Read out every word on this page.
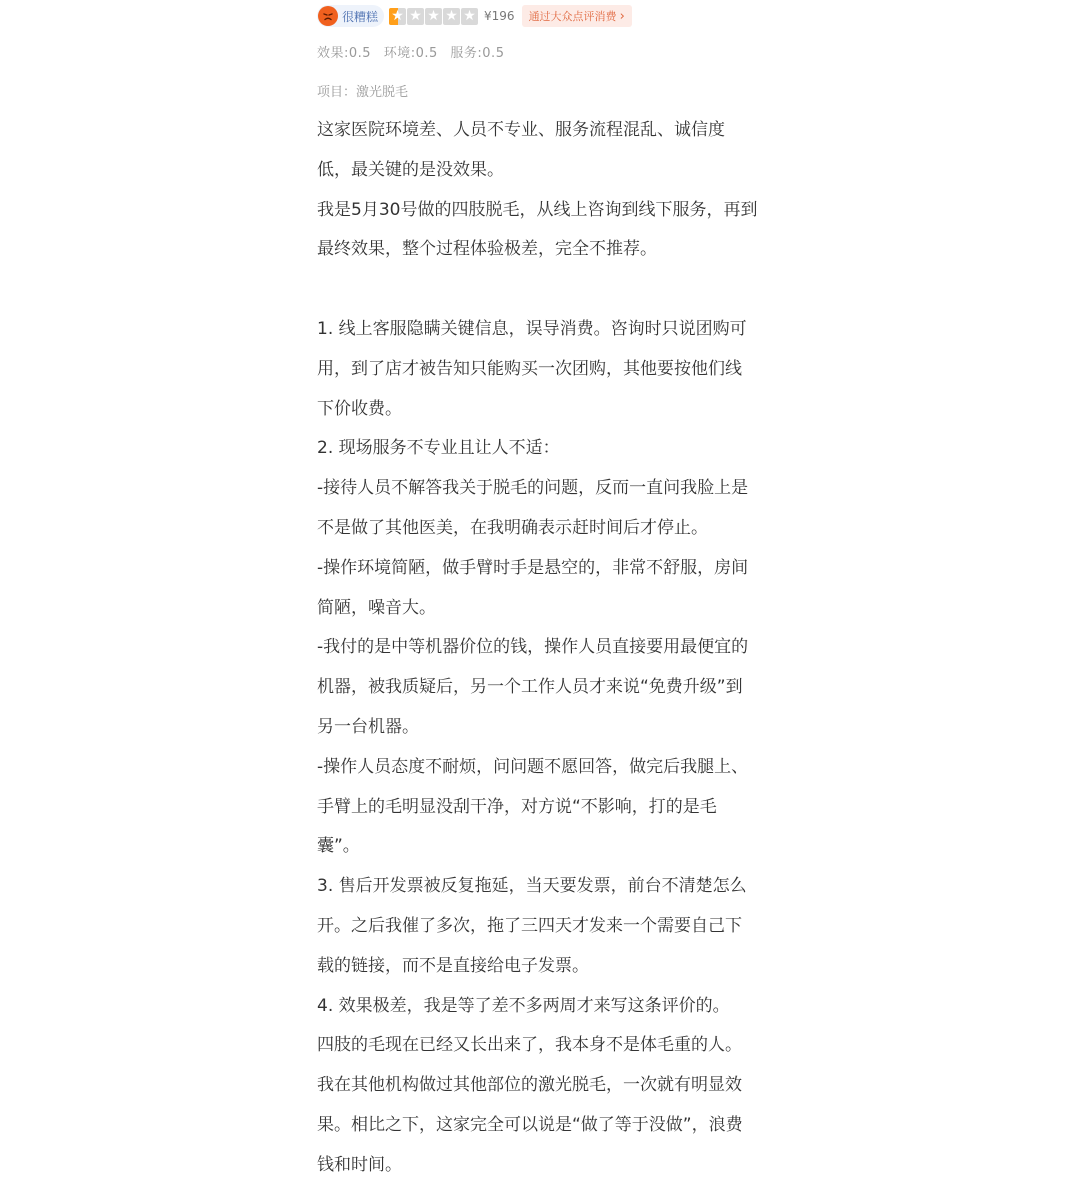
很糟糕 ★ ★ ★ ★ ★ ¥196 通过大众点评消费 ›
效果:0.5 环境:0.5 服务:0.5
项目：激光脱毛
这家医院环境差、人员不专业、服务流程混乱、诚信度
低，最关键的是没效果。
我是5月30号做的四肢脱毛，从线上咨询到线下服务，再到
最终效果，整个过程体验极差，完全不推荐。
1. 线上客服隐瞒关键信息，误导消费。咨询时只说团购可
用，到了店才被告知只能购买一次团购，其他要按他们线
下价收费。
2. 现场服务不专业且让人不适：
-接待人员不解答我关于脱毛的问题，反而一直问我脸上是
不是做了其他医美，在我明确表示赶时间后才停止。
-操作环境简陋，做手臂时手是悬空的，非常不舒服，房间
简陋，噪音大。
-我付的是中等机器价位的钱，操作人员直接要用最便宜的
机器，被我质疑后，另一个工作人员才来说“免费升级”到
另一台机器。
-操作人员态度不耐烦，问问题不愿回答，做完后我腿上、
手臂上的毛明显没刮干净，对方说“不影响，打的是毛
囊”。
3. 售后开发票被反复拖延，当天要发票，前台不清楚怎么
开。之后我催了多次，拖了三四天才发来一个需要自己下
载的链接，而不是直接给电子发票。
4. 效果极差，我是等了差不多两周才来写这条评价的。
四肢的毛现在已经又长出来了，我本身不是体毛重的人。
我在其他机构做过其他部位的激光脱毛，一次就有明显效
果。相比之下，这家完全可以说是“做了等于没做”，浪费
钱和时间。
